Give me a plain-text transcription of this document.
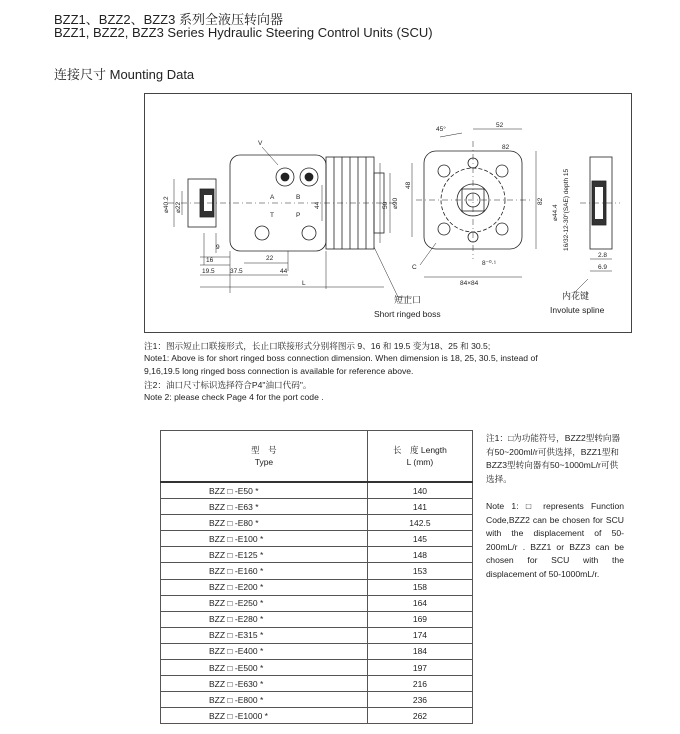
BZZ1、BZZ2、BZZ3 系列全液压转向器
BZZ1, BZZ2, BZZ3 Series Hydraulic Steering Control Units (SCU)
连接尺寸 Mounting Data
V
A	B
T	P
⌀40.2 ⌀22
9
16
19.5 37.5
22
44
L
44	50 ⌀90
45°
52
82
48
82
C
8⁻⁰·¹
84×84
⌀44.4 16/32-12-30°(SAE) depth 15
2.8
6.9
短止口
Short ringed boss
内花键
Involute spline
注1：图示短止口联接形式，长止口联接形式分别将图示 9、16 和 19.5 变为18、25 和 30.5;
Note1: Above is for short ringed boss connection dimension. When dimension is 18, 25, 30.5, instead of
9,16,19.5 long ringed boss connection is available for reference above.
注2：油口尺寸标识选择符合P4"油口代码"。
Note 2: please check Page 4 for the port code .
型　号
Type	长　度 Length
L (mm)
BZZ □ -E50 *	140
BZZ □ -E63 *	141
BZZ □ -E80 *	142.5
BZZ □ -E100 *	145
BZZ □ -E125 *	148
BZZ □ -E160 *	153
BZZ □ -E200 *	158
BZZ □ -E250 *	164
BZZ □ -E280 *	169
BZZ □ -E315 *	174
BZZ □ -E400 *	184
BZZ □ -E500 *	197
BZZ □ -E630 *	216
BZZ □ -E800 *	236
BZZ □ -E1000 *	262
注1：□为功能符号，BZZ2型转向器有50~200ml/r可供选择，BZZ1型和BZZ3型转向器有50~1000mL/r可供选择。
Note 1: □ represents Function Code,BZZ2 can be chosen for SCU with the displacement of 50-200mL/r . BZZ1 or BZZ3 can be chosen for SCU with the displacement of 50-1000mL/r.
